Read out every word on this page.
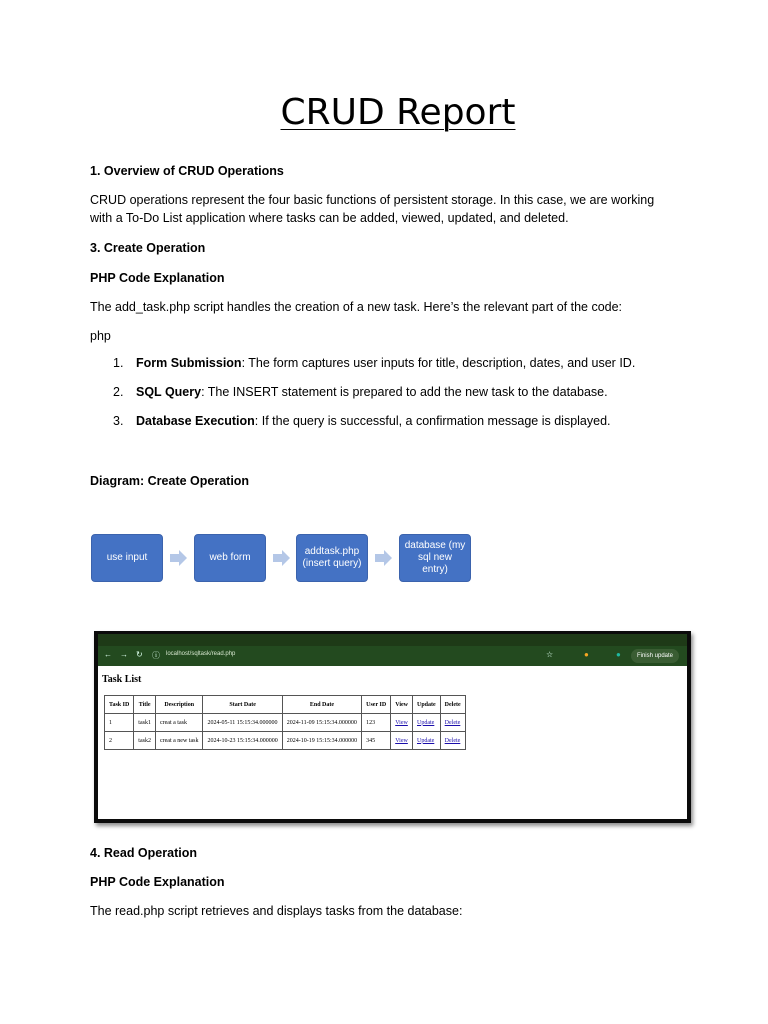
CRUD Report
1. Overview of CRUD Operations
CRUD operations represent the four basic functions of persistent storage. In this case, we are working
with a To-Do List application where tasks can be added, viewed, updated, and deleted.
3. Create Operation
PHP Code Explanation
The add_task.php script handles the creation of a new task. Here’s the relevant part of the code:
php
1. Form Submission: The form captures user inputs for title, description, dates, and user ID.
2. SQL Query: The INSERT statement is prepared to add the new task to the database.
3. Database Execution: If the query is successful, a confirmation message is displayed.
Diagram: Create Operation
use input	web form
addtask.php (insert query)
database (my sql new entry)
← → ↻ ⓘ localhost/sqltask/read.php	☆	●	●	Finish update
Task List
Task ID	Title	Description	Start Date	End Date	User ID	View	Update	Delete
1	task1	creat a task	2024-05-11 15:15:34.000000	2024-11-09 15:15:34.000000	123	View	Update	Delete
2	task2	creat a new task	2024-10-23 15:15:34.000000	2024-10-19 15:15:34.000000	345	View	Update	Delete
4. Read Operation
PHP Code Explanation
The read.php script retrieves and displays tasks from the database:
